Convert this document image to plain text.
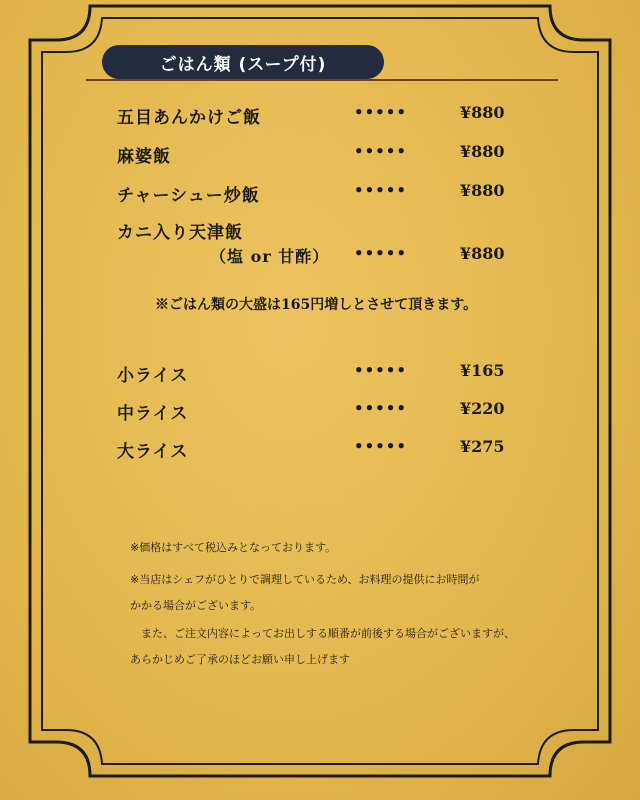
ごはん類 (スープ付)
五目あんかけご飯	•••••	¥880
麻婆飯	•••••	¥880
チャーシュー炒飯	•••••	¥880
カニ入り天津飯
（塩 or 甘酢） •••••	¥880
※ごはん類の大盛は165円増しとさせて頂きます。
小ライス	•••••	¥165
中ライス	•••••	¥220
大ライス	•••••	¥275
※価格はすべて税込みとなっております。
※当店はシェフがひとりで調理しているため、お料理の提供にお時間が
かかる場合がございます。
　また、ご注文内容によってお出しする順番が前後する場合がございますが、
あらかじめご了承のほどお願い申し上げます
